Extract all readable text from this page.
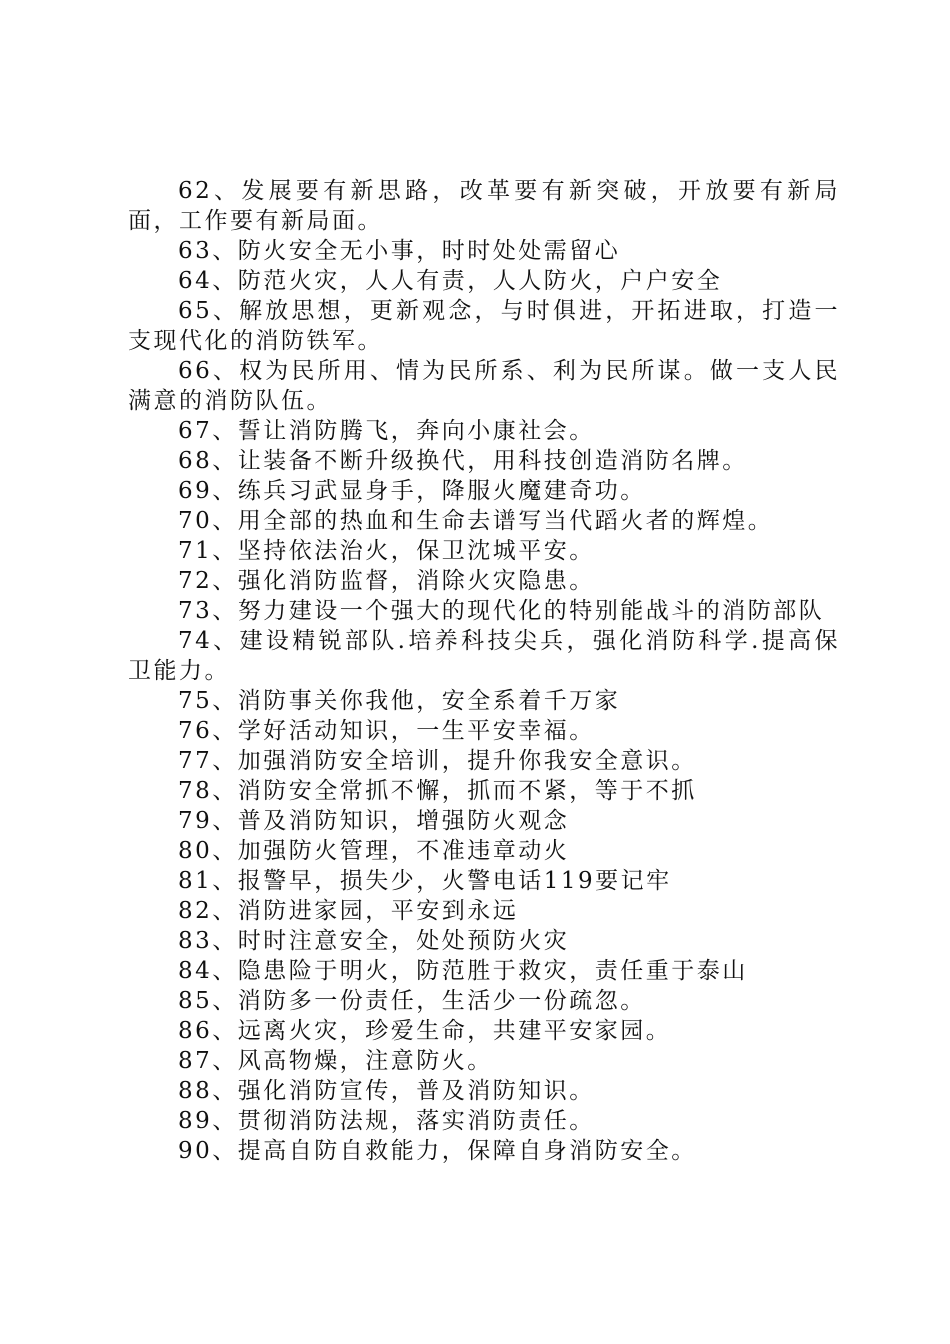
62、发展要有新思路，改革要有新突破，开放要有新局面，工作要有新局面。

63、防火安全无小事，时时处处需留心

64、防范火灾，人人有责，人人防火，户户安全

65、解放思想，更新观念，与时俱进，开拓进取，打造一支现代化的消防铁军。

66、权为民所用、情为民所系、利为民所谋。做一支人民满意的消防队伍。

67、誓让消防腾飞，奔向小康社会。

68、让装备不断升级换代，用科技创造消防名牌。

69、练兵习武显身手，降服火魔建奇功。

70、用全部的热血和生命去谱写当代蹈火者的辉煌。

71、坚持依法治火，保卫沈城平安。

72、强化消防监督，消除火灾隐患。

73、努力建设一个强大的现代化的特别能战斗的消防部队

74、建设精锐部队.培养科技尖兵，强化消防科学.提高保卫能力。

75、消防事关你我他，安全系着千万家

76、学好活动知识，一生平安幸福。

77、加强消防安全培训，提升你我安全意识。

78、消防安全常抓不懈，抓而不紧，等于不抓

79、普及消防知识，增强防火观念

80、加强防火管理，不准违章动火

81、报警早，损失少，火警电话119要记牢

82、消防进家园，平安到永远

83、时时注意安全，处处预防火灾

84、隐患险于明火，防范胜于救灾，责任重于泰山

85、消防多一份责任，生活少一份疏忽。

86、远离火灾，珍爱生命，共建平安家园。

87、风高物燥，注意防火。

88、强化消防宣传，普及消防知识。

89、贯彻消防法规，落实消防责任。

90、提高自防自救能力，保障自身消防安全。
